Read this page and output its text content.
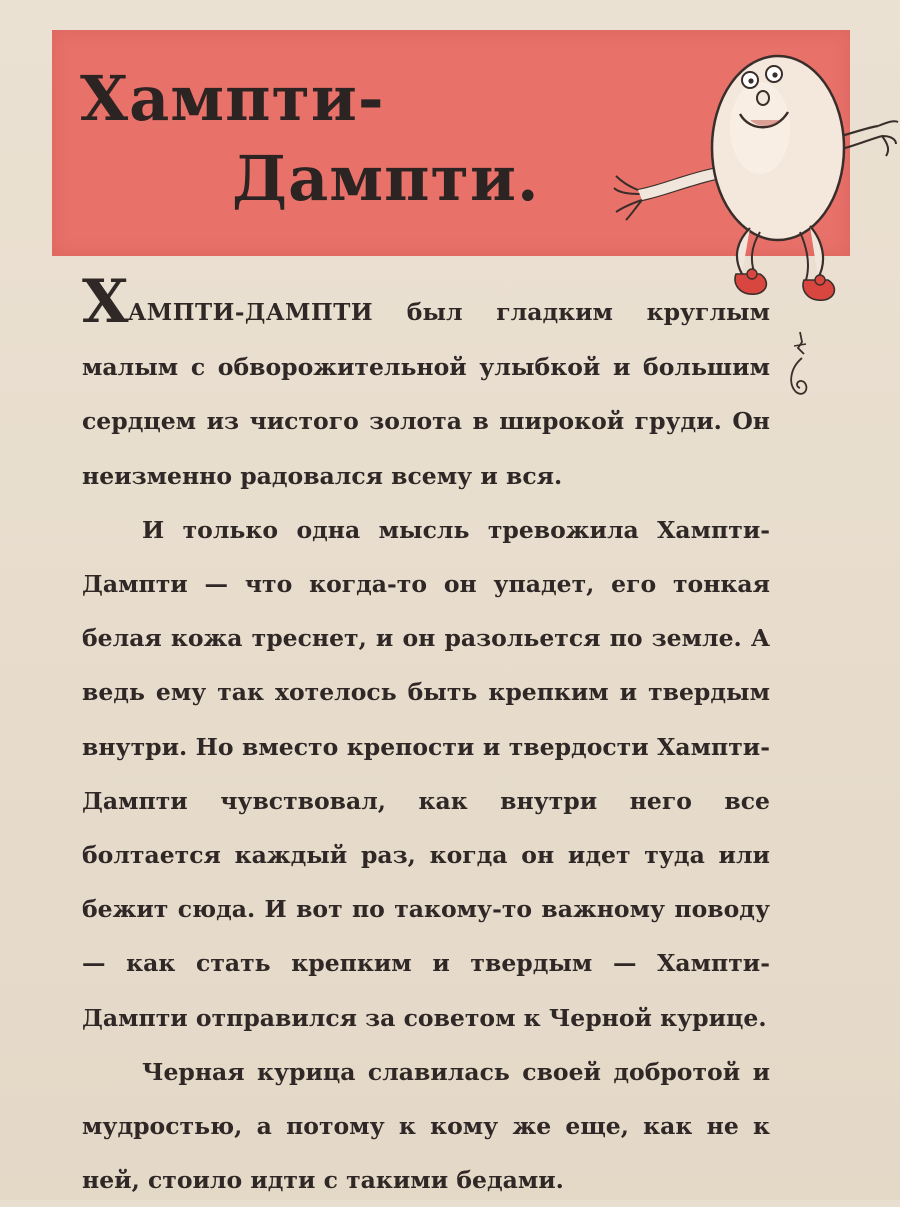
Хампти-
Дампти.

ХАМПТИ-ДАМПТИ был гладким круглым малым с обворожительной улыбкой и большим сердцем из чистого золота в широкой груди. Он неизменно радовался всему и вся.

И только одна мысль тревожила Хампти-Дампти — что когда-то он упадет, его тонкая белая кожа треснет, и он разольется по земле. А ведь ему так хотелось быть крепким и твердым внутри. Но вместо крепости и твердости Хампти-Дампти чувствовал, как внутри него все болтается каждый раз, когда он идет туда или бежит сюда. И вот по такому-то важному поводу — как стать крепким и твердым — Хампти-Дампти отправился за советом к Черной курице.

Черная курица славилась своей добротой и мудростью, а потому к кому же еще, как не к ней, стоило идти с такими бедами.
